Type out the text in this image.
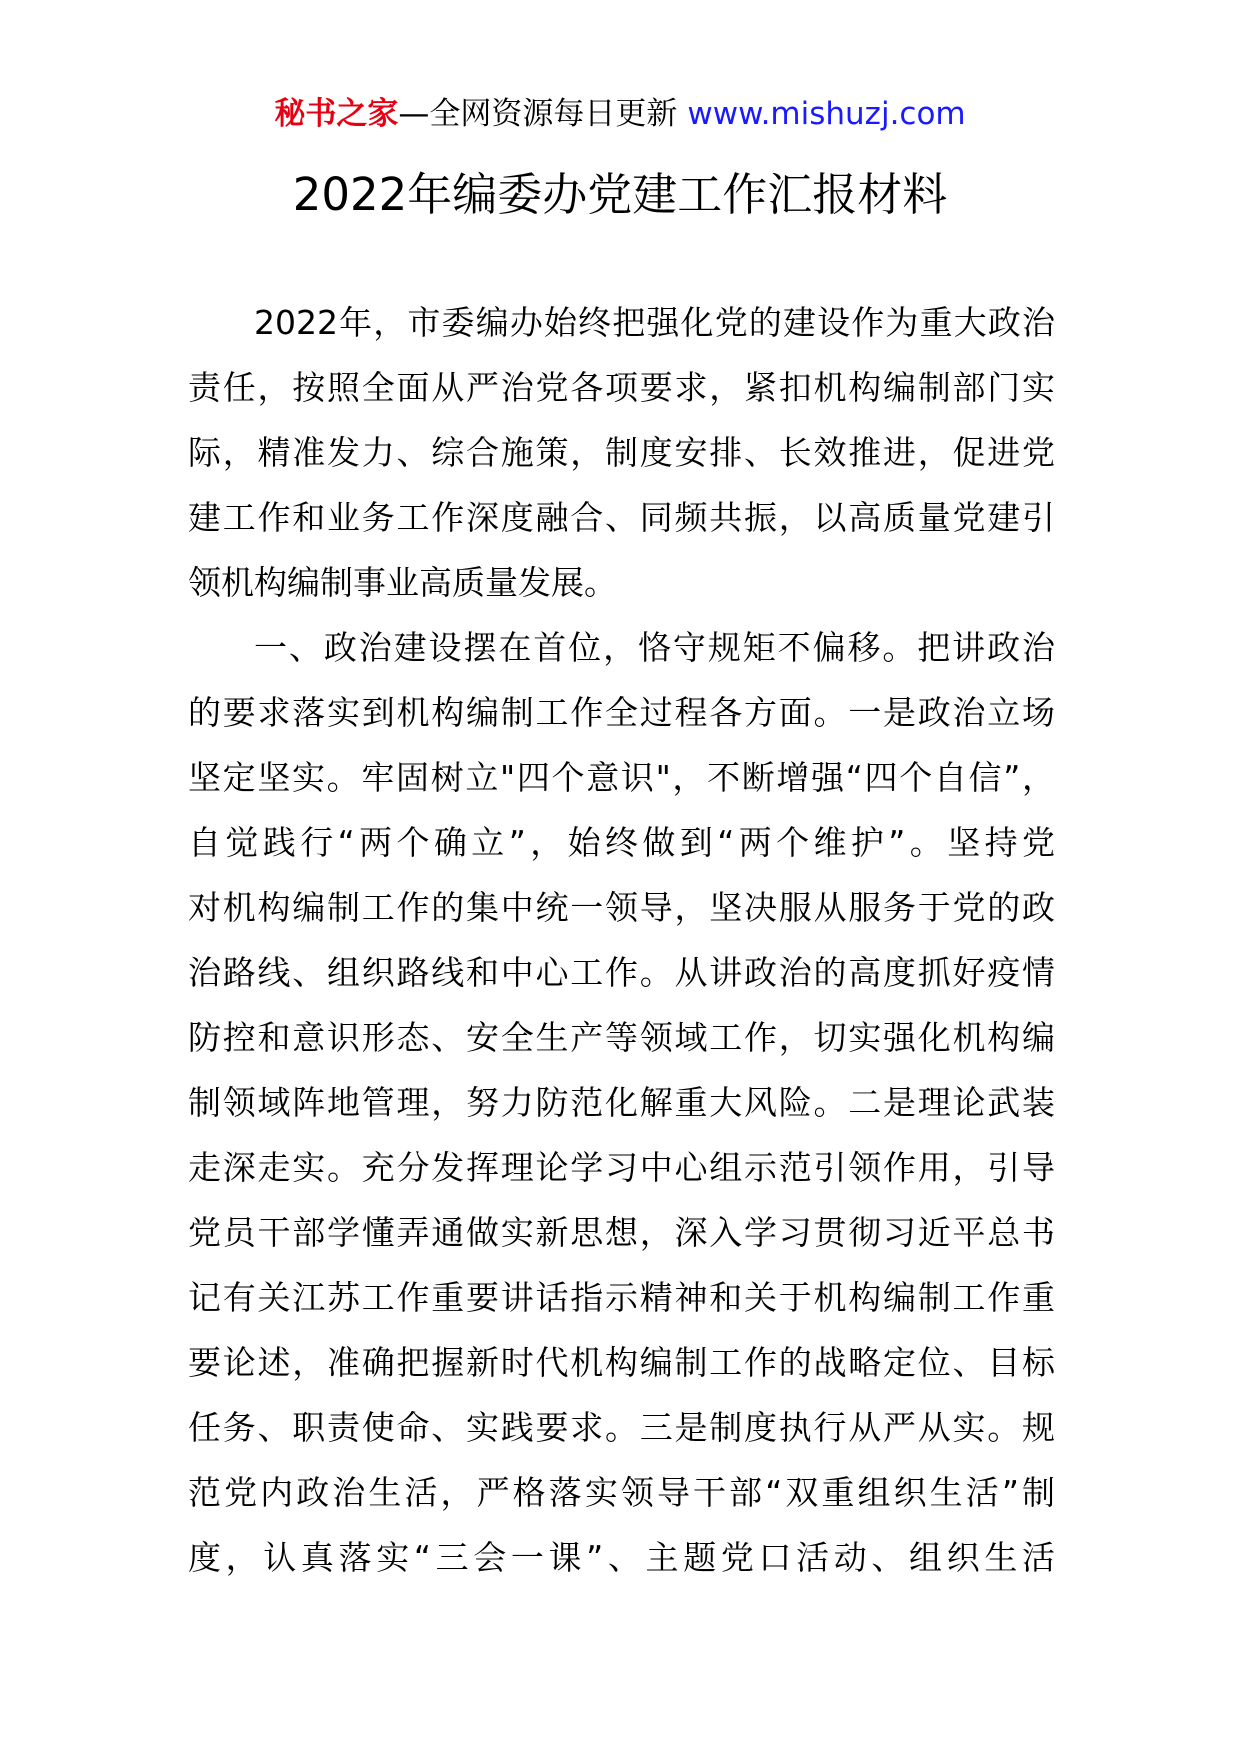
秘书之家—全网资源每日更新 www.mishuzj.com
2022年编委办党建工作汇报材料
2022年，市委编办始终把强化党的建设作为重大政治
责任，按照全面从严治党各项要求，紧扣机构编制部门实
际，精准发力、综合施策，制度安排、长效推进，促进党
建工作和业务工作深度融合、同频共振，以高质量党建引
领机构编制事业高质量发展。
一、政治建设摆在首位，恪守规矩不偏移。把讲政治
的要求落实到机构编制工作全过程各方面。一是政治立场
坚定坚实。牢固树立"四个意识"，不断增强“四个自信”，
自觉践行“两个确立”，始终做到“两个维护”。坚持党
对机构编制工作的集中统一领导，坚决服从服务于党的政
治路线、组织路线和中心工作。从讲政治的高度抓好疫情
防控和意识形态、安全生产等领域工作，切实强化机构编
制领域阵地管理，努力防范化解重大风险。二是理论武装
走深走实。充分发挥理论学习中心组示范引领作用，引导
党员干部学懂弄通做实新思想，深入学习贯彻习近平总书
记有关江苏工作重要讲话指示精神和关于机构编制工作重
要论述，准确把握新时代机构编制工作的战略定位、目标
任务、职责使命、实践要求。三是制度执行从严从实。规
范党内政治生活，严格落实领导干部“双重组织生活”制
度，认真落实“三会一课”、主题党口活动、组织生活
